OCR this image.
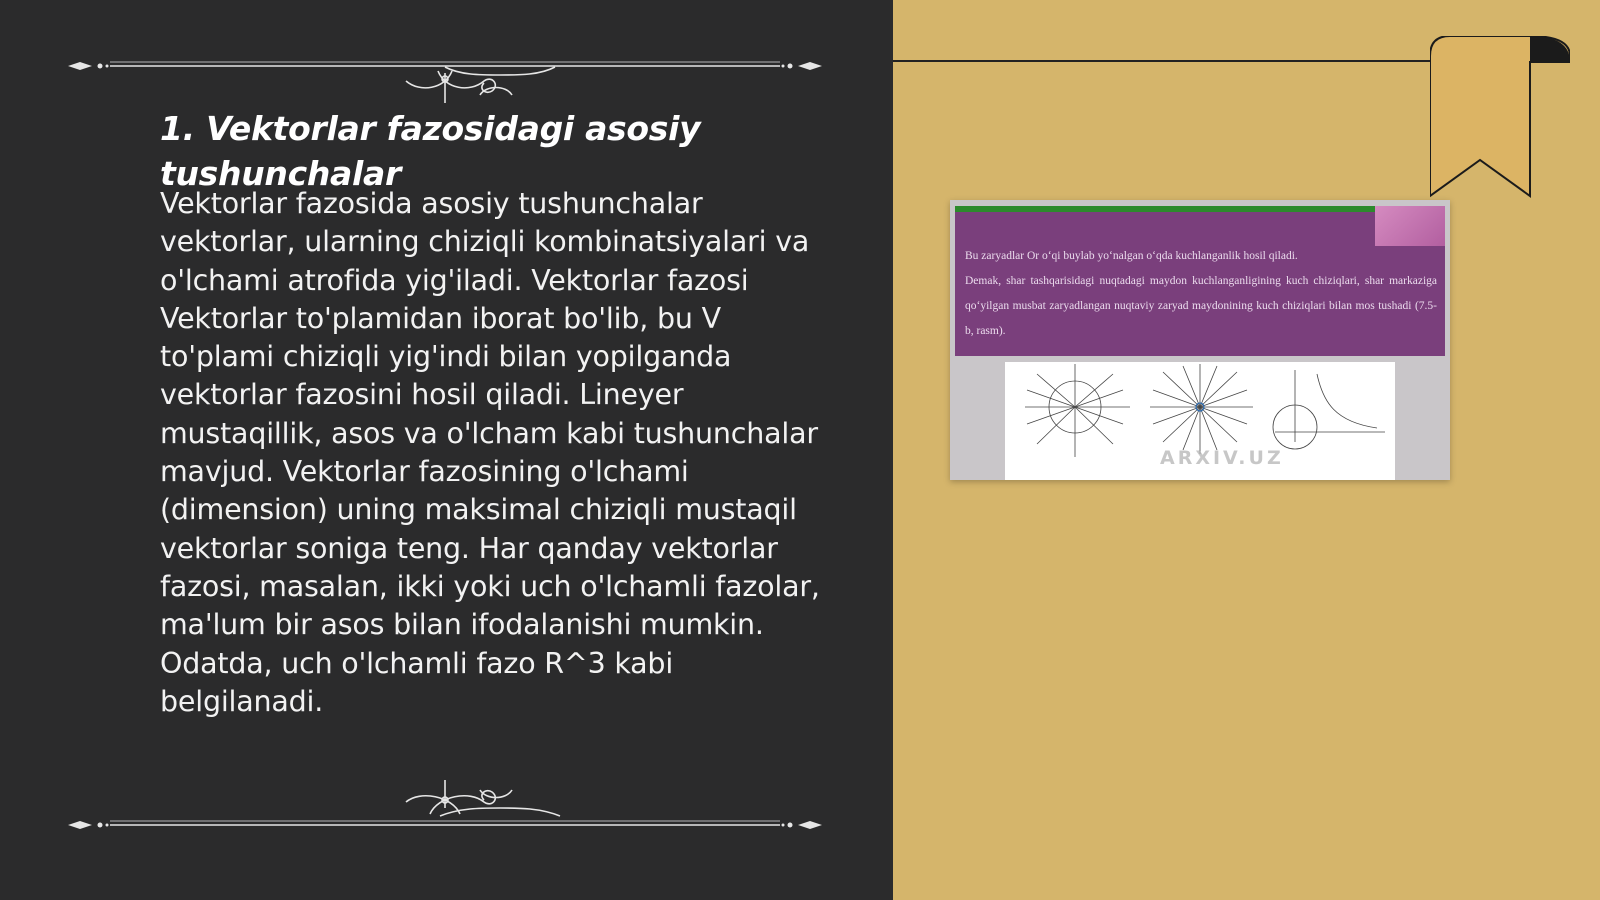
1. Vektorlar fazosidagi asosiy tushunchalar

Vektorlar fazosida asosiy tushunchalar vektorlar, ularning chiziqli kombinatsiyalari va o'lchami atrofida yig'iladi. Vektorlar fazosi Vektorlar to'plamidan iborat bo'lib, bu V to'plami chiziqli yig'indi bilan yopilganda vektorlar fazosini hosil qiladi. Lineyer mustaqillik, asos va o'lcham kabi tushunchalar mavjud. Vektorlar fazosining o'lchami (dimension) uning maksimal chiziqli mustaqil vektorlar soniga teng. Har qanday vektorlar fazosi, masalan, ikki yoki uch o'lchamli fazolar, ma'lum bir asos bilan ifodalanishi mumkin. Odatda, uch o'lchamli fazo R^3 kabi belgilanadi.

Bu zaryadlar Or o‘qi buylab yo‘nalgan o‘qda kuchlanganlik hosil qiladi.
Demak, shar tashqarisidagi nuqtadagi maydon kuchlanganligining kuch chiziqlari, shar markaziga qo‘yilgan musbat zaryadlangan nuqtaviy zaryad maydonining kuch chiziqlari bilan mos tushadi (7.5-b, rasm).
ARXIV.UZ
